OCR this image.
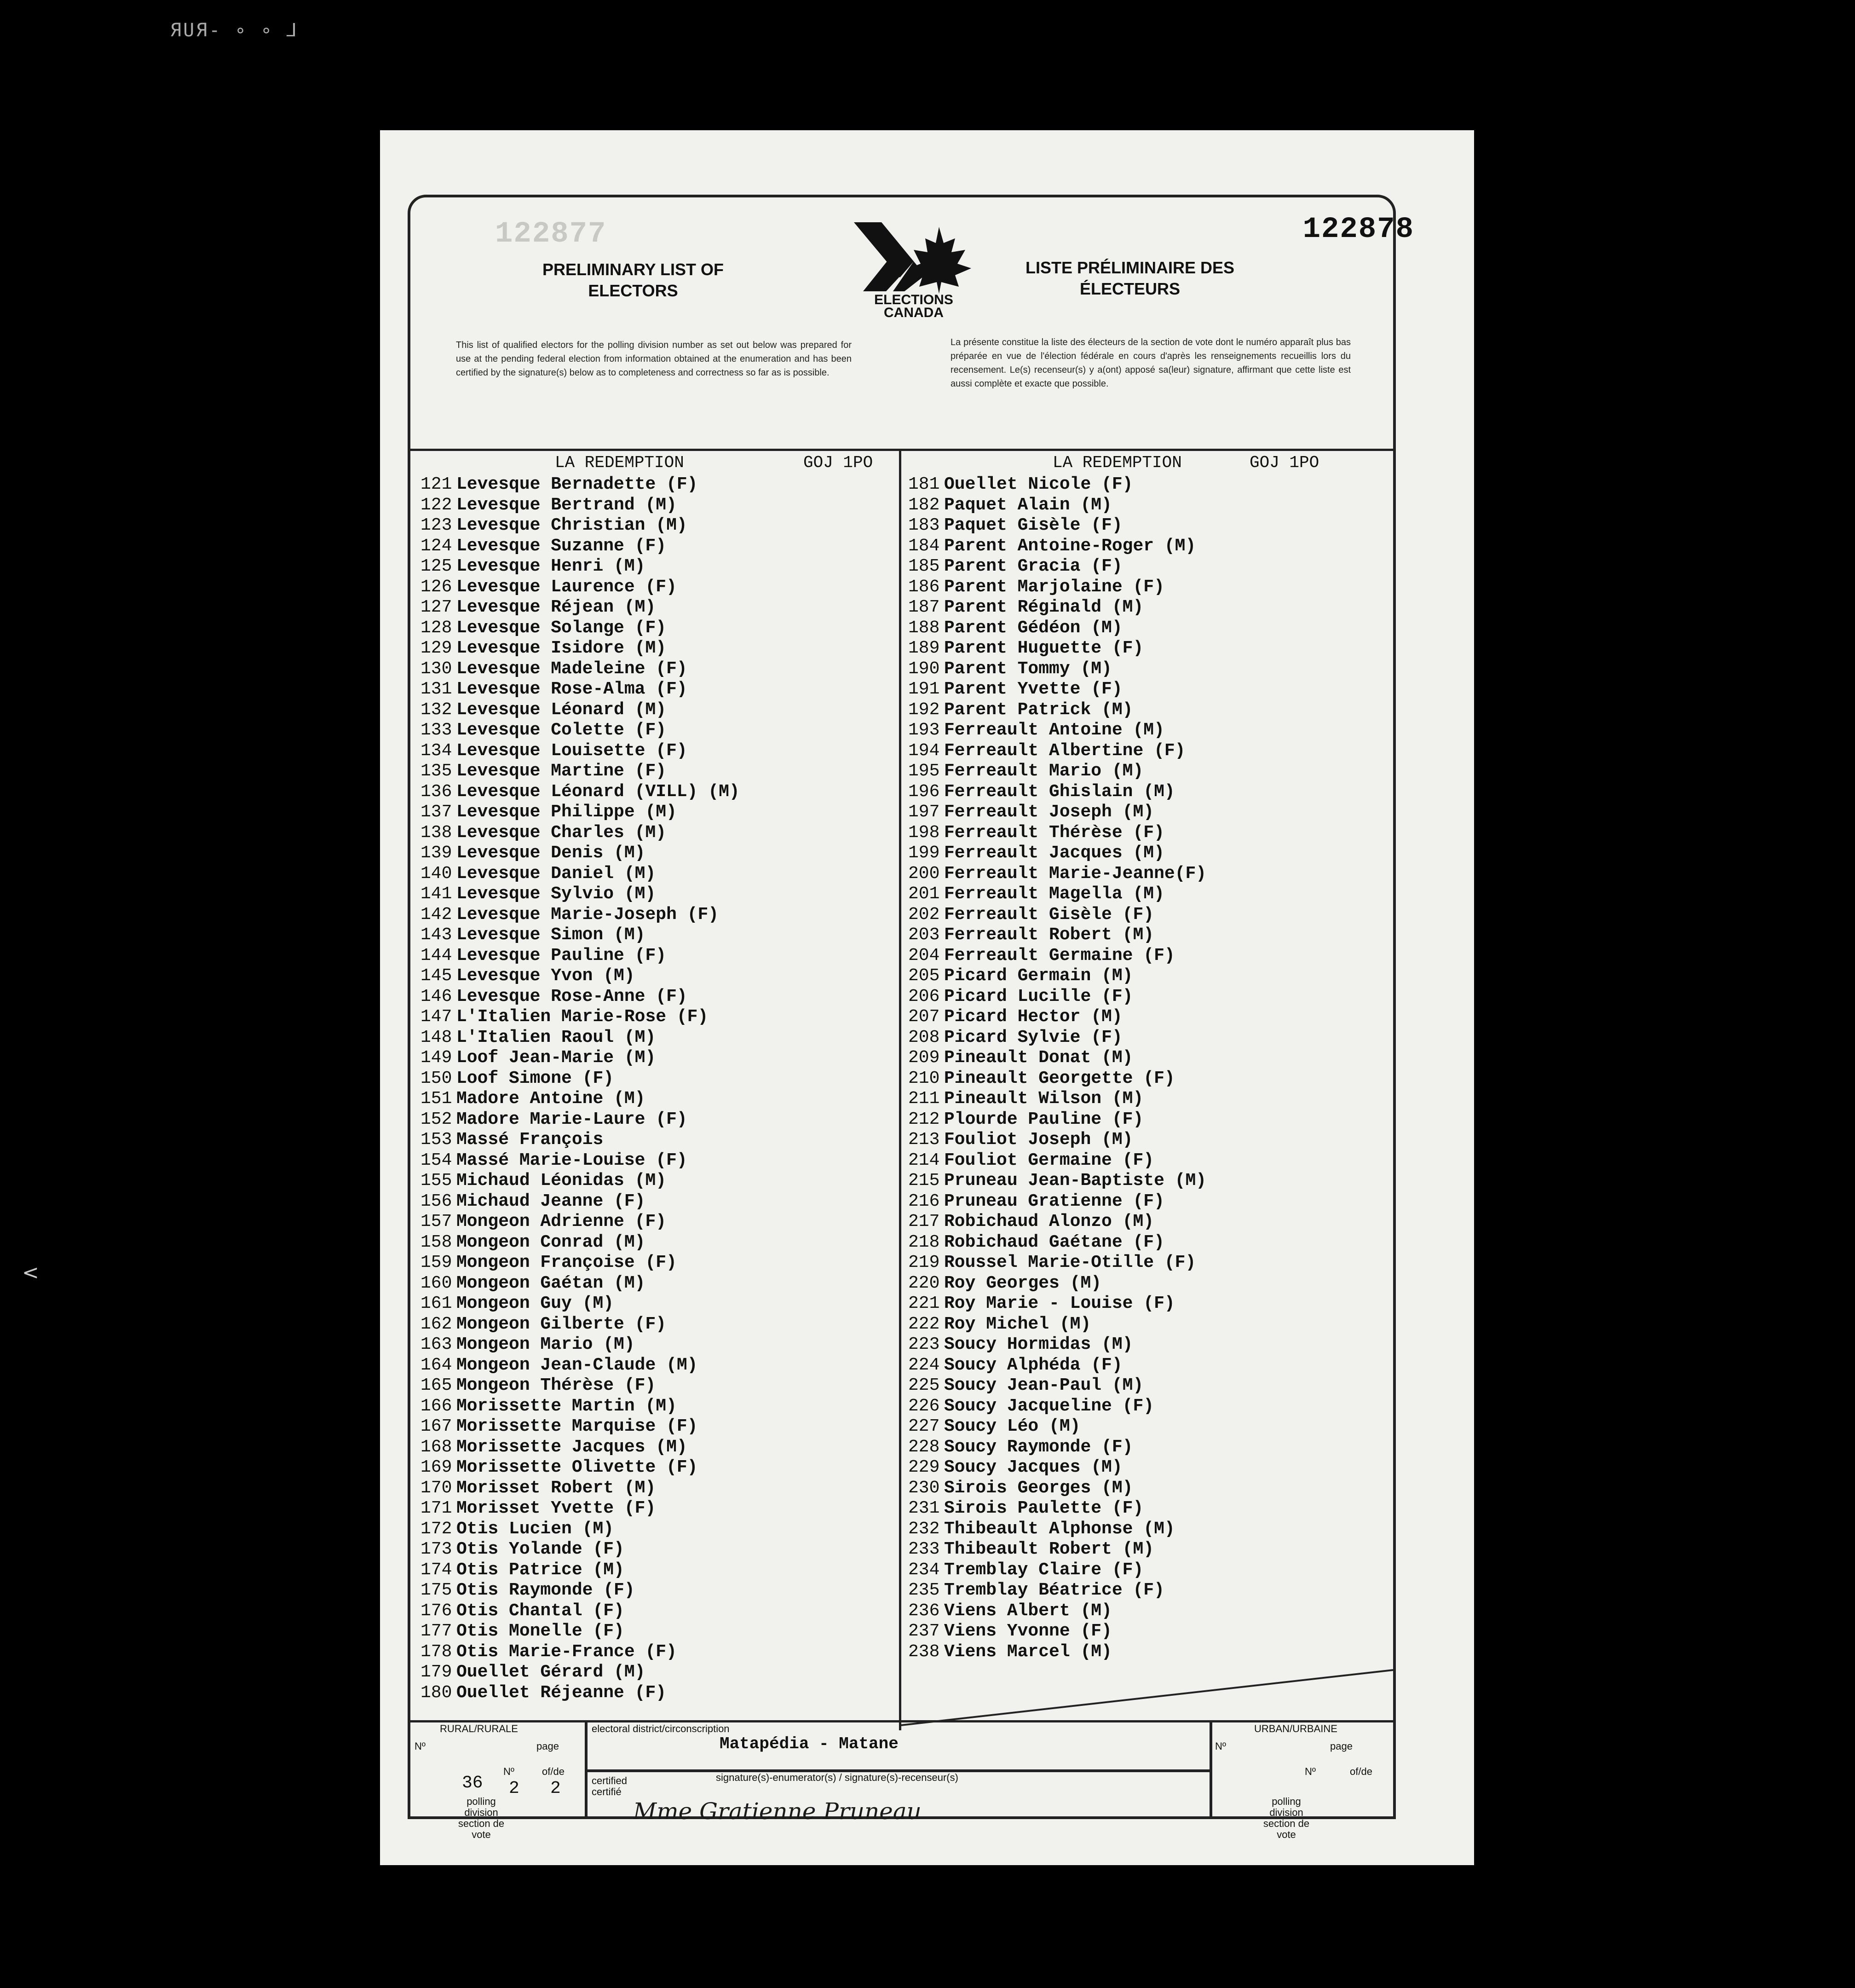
ЯUЯ- ∘ ∘ ⅃
<
122877	122878
PRELIMINARY LIST OF ELECTORS
LISTE PRÉLIMINAIRE DES ÉLECTEURS
ELECTIONS
CANADA
This list of qualified electors for the polling division number as set out below was prepared for use at the pending federal election from information obtained at the enumeration and has been certified by the signature(s) below as to completeness and correctness so far as is possible.
La présente constitue la liste des électeurs de la section de vote dont le numéro apparaît plus bas préparée en vue de l'élection fédérale en cours d'après les renseignements recueillis lors du recensement. Le(s) recenseur(s) y a(ont) apposé sa(leur) signature, affirmant que cette liste est aussi complète et exacte que possible.
LA REDEMPTION	GOJ 1PO	LA REDEMPTION	GOJ 1PO
121 Levesque Bernadette (F)
122 Levesque Bertrand (M)
123 Levesque Christian (M)
124 Levesque Suzanne (F)
125 Levesque Henri (M)
126 Levesque Laurence (F)
127 Levesque Réjean (M)
128 Levesque Solange (F)
129 Levesque Isidore (M)
130 Levesque Madeleine (F)
131 Levesque Rose-Alma (F)
132 Levesque Léonard (M)
133 Levesque Colette (F)
134 Levesque Louisette (F)
135 Levesque Martine (F)
136 Levesque Léonard (VILL) (M)
137 Levesque Philippe (M)
138 Levesque Charles (M)
139 Levesque Denis (M)
140 Levesque Daniel (M)
141 Levesque Sylvio (M)
142 Levesque Marie-Joseph (F)
143 Levesque Simon (M)
144 Levesque Pauline (F)
145 Levesque Yvon (M)
146 Levesque Rose-Anne (F)
147 L'Italien Marie-Rose (F)
148 L'Italien Raoul (M)
149 Loof Jean-Marie (M)
150 Loof Simone (F)
151 Madore Antoine (M)
152 Madore Marie-Laure (F)
153 Massé François
154 Massé Marie-Louise (F)
155 Michaud Léonidas (M)
156 Michaud Jeanne (F)
157 Mongeon Adrienne (F)
158 Mongeon Conrad (M)
159 Mongeon Françoise (F)
160 Mongeon Gaétan (M)
161 Mongeon Guy (M)
162 Mongeon Gilberte (F)
163 Mongeon Mario (M)
164 Mongeon Jean-Claude (M)
165 Mongeon Thérèse (F)
166 Morissette Martin (M)
167 Morissette Marquise (F)
168 Morissette Jacques (M)
169 Morissette Olivette (F)
170 Morisset Robert (M)
171 Morisset Yvette (F)
172 Otis Lucien (M)
173 Otis Yolande (F)
174 Otis Patrice (M)
175 Otis Raymonde (F)
176 Otis Chantal (F)
177 Otis Monelle (F)
178 Otis Marie-France (F)
179 Ouellet Gérard (M)
180 Ouellet Réjeanne (F)
181 Ouellet Nicole (F)
182 Paquet Alain (M)
183 Paquet Gisèle (F)
184 Parent Antoine-Roger (M)
185 Parent Gracia (F)
186 Parent Marjolaine (F)
187 Parent Réginald (M)
188 Parent Gédéon (M)
189 Parent Huguette (F)
190 Parent Tommy (M)
191 Parent Yvette (F)
192 Parent Patrick (M)
193 Ferreault Antoine (M)
194 Ferreault Albertine (F)
195 Ferreault Mario (M)
196 Ferreault Ghislain (M)
197 Ferreault Joseph (M)
198 Ferreault Thérèse (F)
199 Ferreault Jacques (M)
200 Ferreault Marie-Jeanne(F)
201 Ferreault Magella (M)
202 Ferreault Gisèle (F)
203 Ferreault Robert (M)
204 Ferreault Germaine (F)
205 Picard Germain (M)
206 Picard Lucille (F)
207 Picard Hector (M)
208 Picard Sylvie (F)
209 Pineault Donat (M)
210 Pineault Georgette (F)
211 Pineault Wilson (M)
212 Plourde Pauline (F)
213 Fouliot Joseph (M)
214 Fouliot Germaine (F)
215 Pruneau Jean-Baptiste (M)
216 Pruneau Gratienne (F)
217 Robichaud Alonzo (M)
218 Robichaud Gaétane (F)
219 Roussel Marie-Otille (F)
220 Roy Georges (M)
221 Roy Marie - Louise (F)
222 Roy Michel (M)
223 Soucy Hormidas (M)
224 Soucy Alphéda (F)
225 Soucy Jean-Paul (M)
226 Soucy Jacqueline (F)
227 Soucy Léo (M)
228 Soucy Raymonde (F)
229 Soucy Jacques (M)
230 Sirois Georges (M)
231 Sirois Paulette (F)
232 Thibeault Alphonse (M)
233 Thibeault Robert (M)
234 Tremblay Claire (F)
235 Tremblay Béatrice (F)
236 Viens Albert (M)
237 Viens Yvonne (F)
238 Viens Marcel (M)
RURAL/RURALE
Nº	page
Nº	of/de
36 2 2
polling division section de vote
electoral district/circonscription
Matapédia - Matane
certified certifié
signature(s)-enumerator(s) / signature(s)-recenseur(s)
Mme Gratienne Pruneau
URBAN/URBAINE
Nº	page
Nº	of/de
polling division section de vote
